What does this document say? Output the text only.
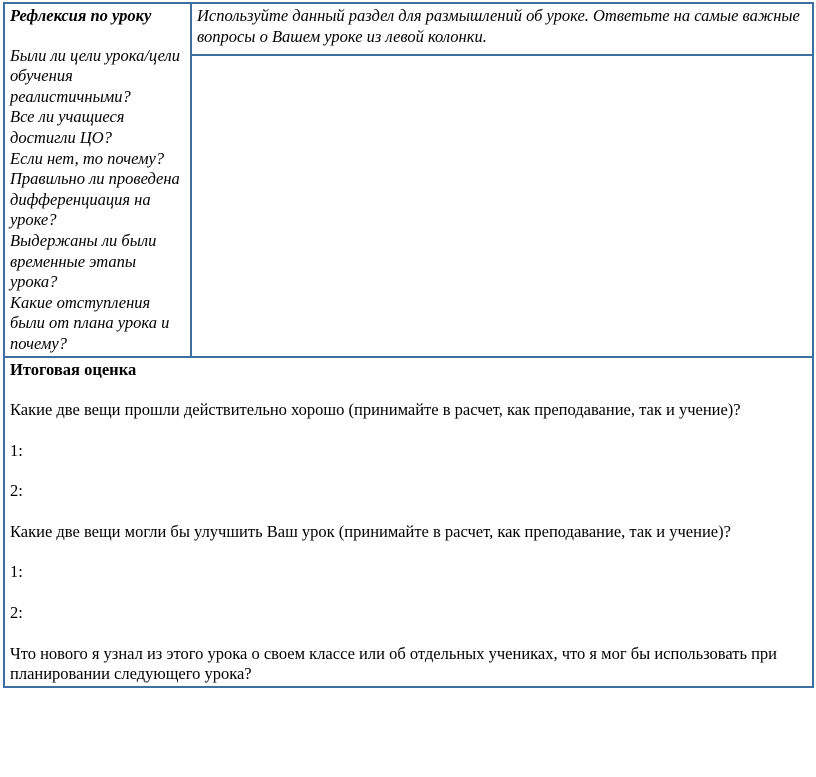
Рефлексия по уроку
Были ли цели урока/цели обучения реалистичными?
Все ли учащиеся достигли ЦО?
Если нет, то почему?
Правильно ли проведена дифференциация на уроке?
Выдержаны ли были временные этапы урока?
Какие отступления были от плана урока и почему?
	Используйте данный раздел для размышлений об уроке. Ответьте на самые важные вопросы о Вашем уроке из левой колонки.

Итоговая оценка

Какие две вещи прошли действительно хорошо (принимайте в расчет, как преподавание, так и учение)?

1:

2:

Какие две вещи могли бы улучшить Ваш урок (принимайте в расчет, как преподавание, так и учение)?

1:

2:

Что нового я узнал из этого урока о своем классе или об отдельных учениках, что я мог бы использовать при планировании следующего урока?
